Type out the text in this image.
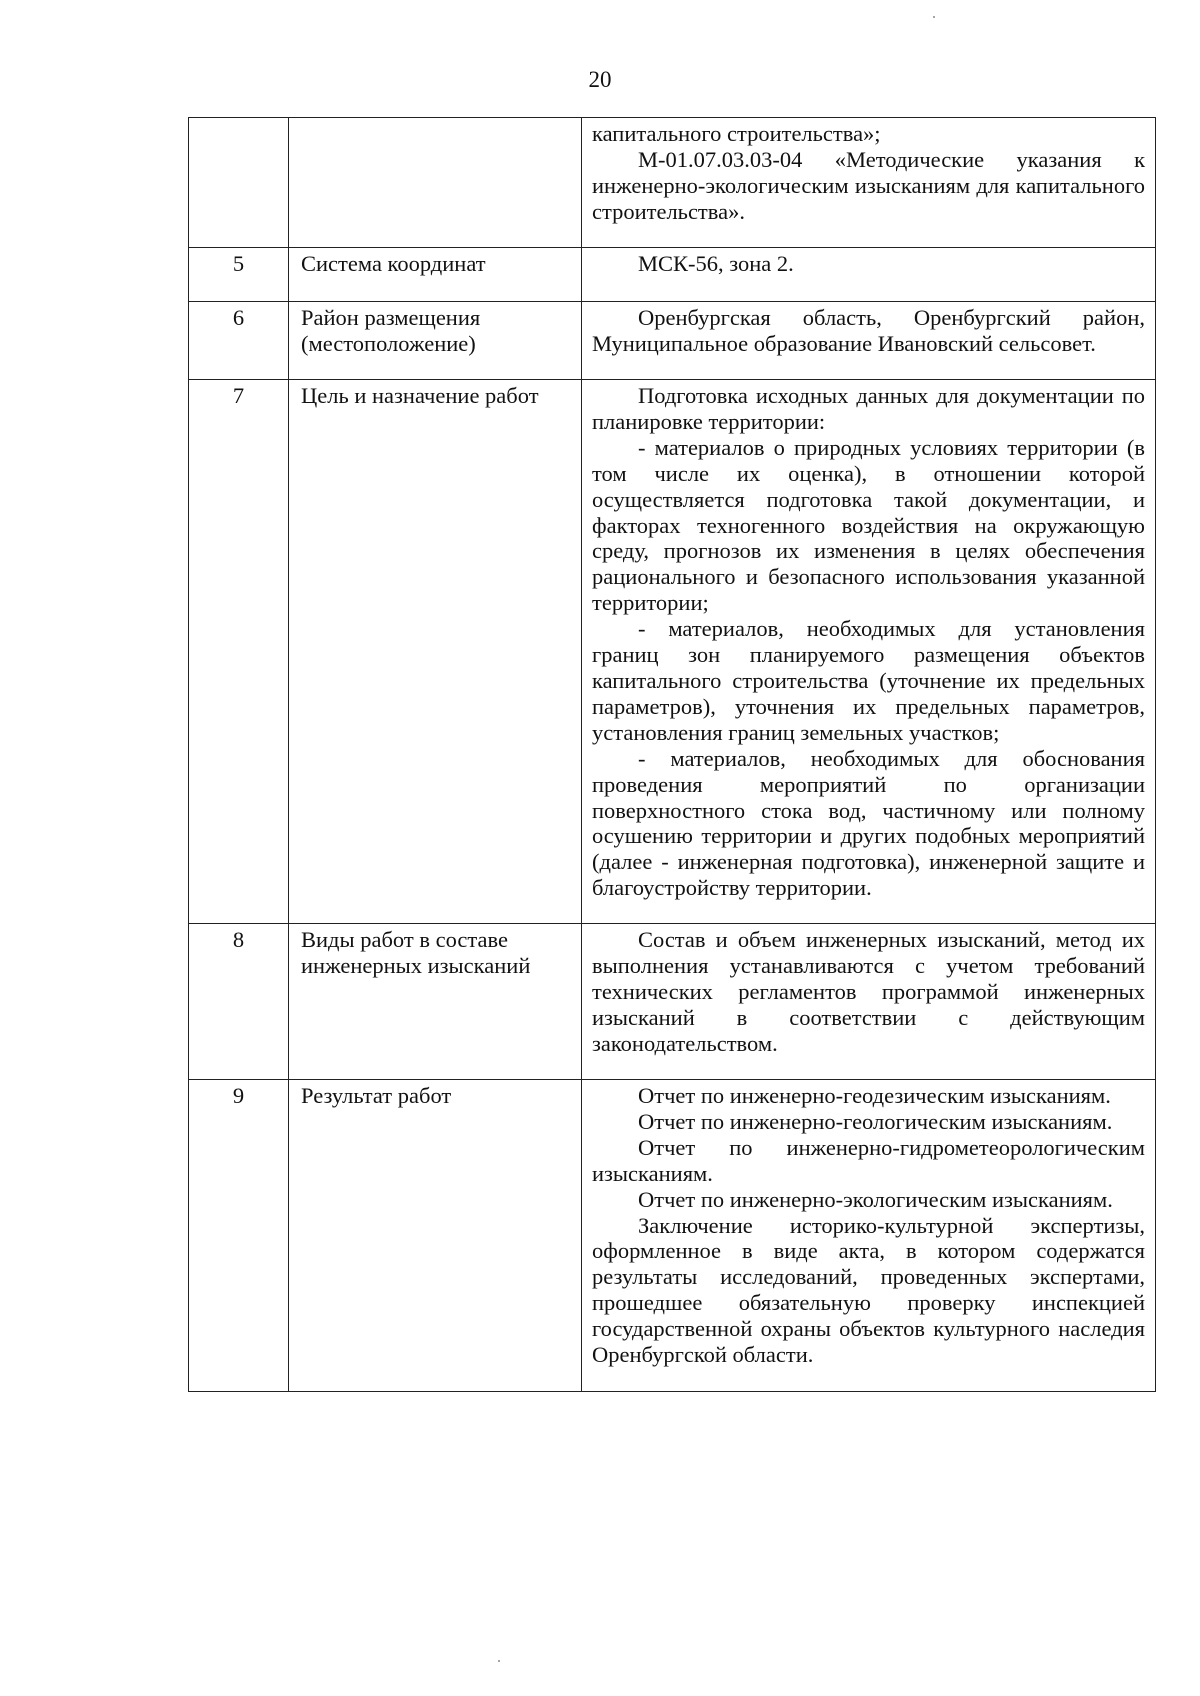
20

		капитального строительства»;

М-01.07.03.03-04 «Методические указания к инженерно-экологическим изысканиям для капитального строительства».

5	Система координат	МСК-56, зона 2.

6	Район размещения (местоположение)	Оренбургская область, Оренбургский район, Муниципальное образование Ивановский сельсовет.

7	Цель и назначение работ	Подготовка исходных данных для документации по планировке территории:

- материалов о природных условиях территории (в том числе их оценка), в отношении которой осуществляется подготовка такой документации, и факторах техногенного воздействия на окружающую среду, прогнозов их изменения в целях обеспечения рационального и безопасного использования указанной территории;

- материалов, необходимых для установления границ зон планируемого размещения объектов капитального строительства (уточнение их предельных параметров), уточнения их предельных параметров, установления границ земельных участков;

- материалов, необходимых для обоснования проведения мероприятий по организации поверхностного стока вод, частичному или полному осушению территории и других подобных мероприятий (далее - инженерная подготовка), инженерной защите и благоустройству территории.

8	Виды работ в составе инженерных изысканий	Состав и объем инженерных изысканий, метод их выполнения устанавливаются с учетом требований технических регламентов программой инженерных изысканий в соответствии с действующим законодательством.

9	Результат работ	Отчет по инженерно-геодезическим изысканиям.

Отчет по инженерно-геологическим изысканиям.

Отчет по инженерно-гидрометеорологическим изысканиям.

Отчет по инженерно-экологическим изысканиям.

Заключение историко-культурной экспертизы, оформленное в виде акта, в котором содержатся результаты исследований, проведенных экспертами, прошедшее обязательную проверку инспекцией государственной охраны объектов культурного наследия Оренбургской области.
